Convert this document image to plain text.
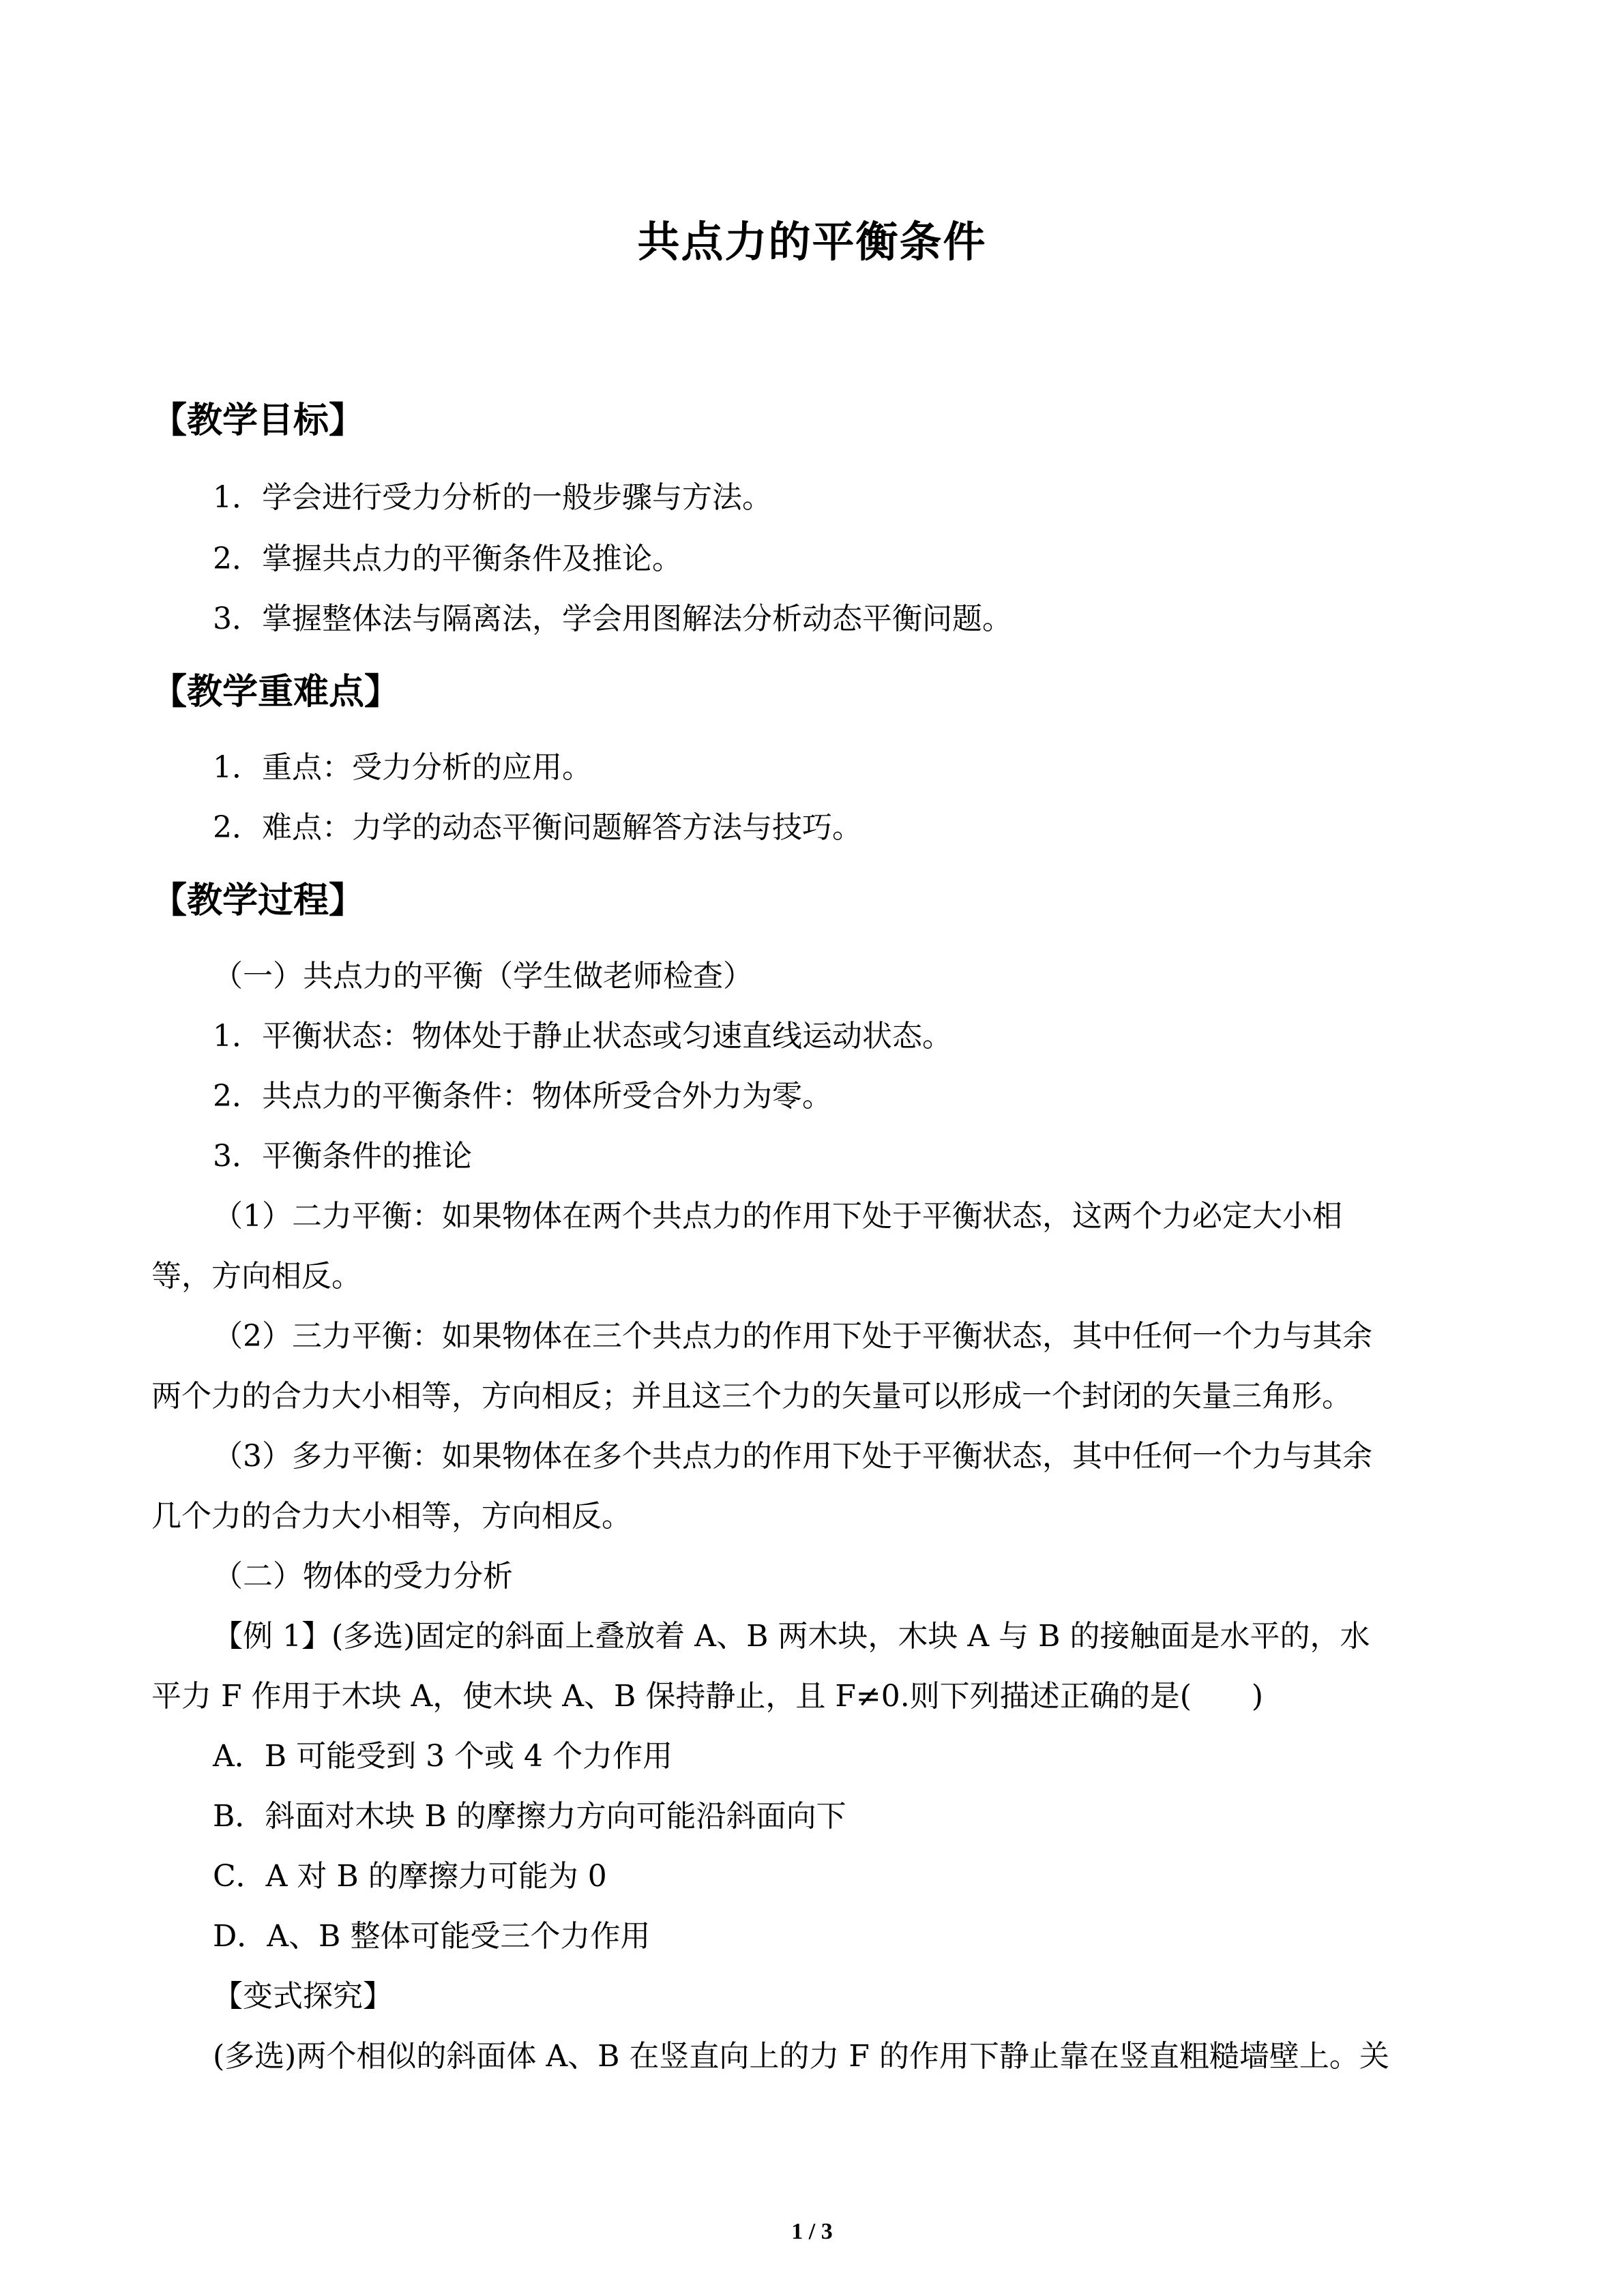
共点力的平衡条件
【教学目标】
1．学会进行受力分析的一般步骤与方法。
2．掌握共点力的平衡条件及推论。
3．掌握整体法与隔离法，学会用图解法分析动态平衡问题。
【教学重难点】
1．重点：受力分析的应用。
2．难点：力学的动态平衡问题解答方法与技巧。
【教学过程】
（一）共点力的平衡（学生做老师检查）
1．平衡状态：物体处于静止状态或匀速直线运动状态。
2．共点力的平衡条件：物体所受合外力为零。
3．平衡条件的推论
（1）二力平衡：如果物体在两个共点力的作用下处于平衡状态，这两个力必定大小相
等，方向相反。
（2）三力平衡：如果物体在三个共点力的作用下处于平衡状态，其中任何一个力与其余
两个力的合力大小相等，方向相反；并且这三个力的矢量可以形成一个封闭的矢量三角形。
（3）多力平衡：如果物体在多个共点力的作用下处于平衡状态，其中任何一个力与其余
几个力的合力大小相等，方向相反。
（二）物体的受力分析
【例 1】(多选)固定的斜面上叠放着 A、B 两木块，木块 A 与 B 的接触面是水平的，水
平力 F 作用于木块 A，使木块 A、B 保持静止，且 F≠0.则下列描述正确的是(　　)
A．B 可能受到 3 个或 4 个力作用
B．斜面对木块 B 的摩擦力方向可能沿斜面向下
C．A 对 B 的摩擦力可能为 0
D．A、B 整体可能受三个力作用
【变式探究】
(多选)两个相似的斜面体 A、B 在竖直向上的力 F 的作用下静止靠在竖直粗糙墙壁上。关
1 / 3
